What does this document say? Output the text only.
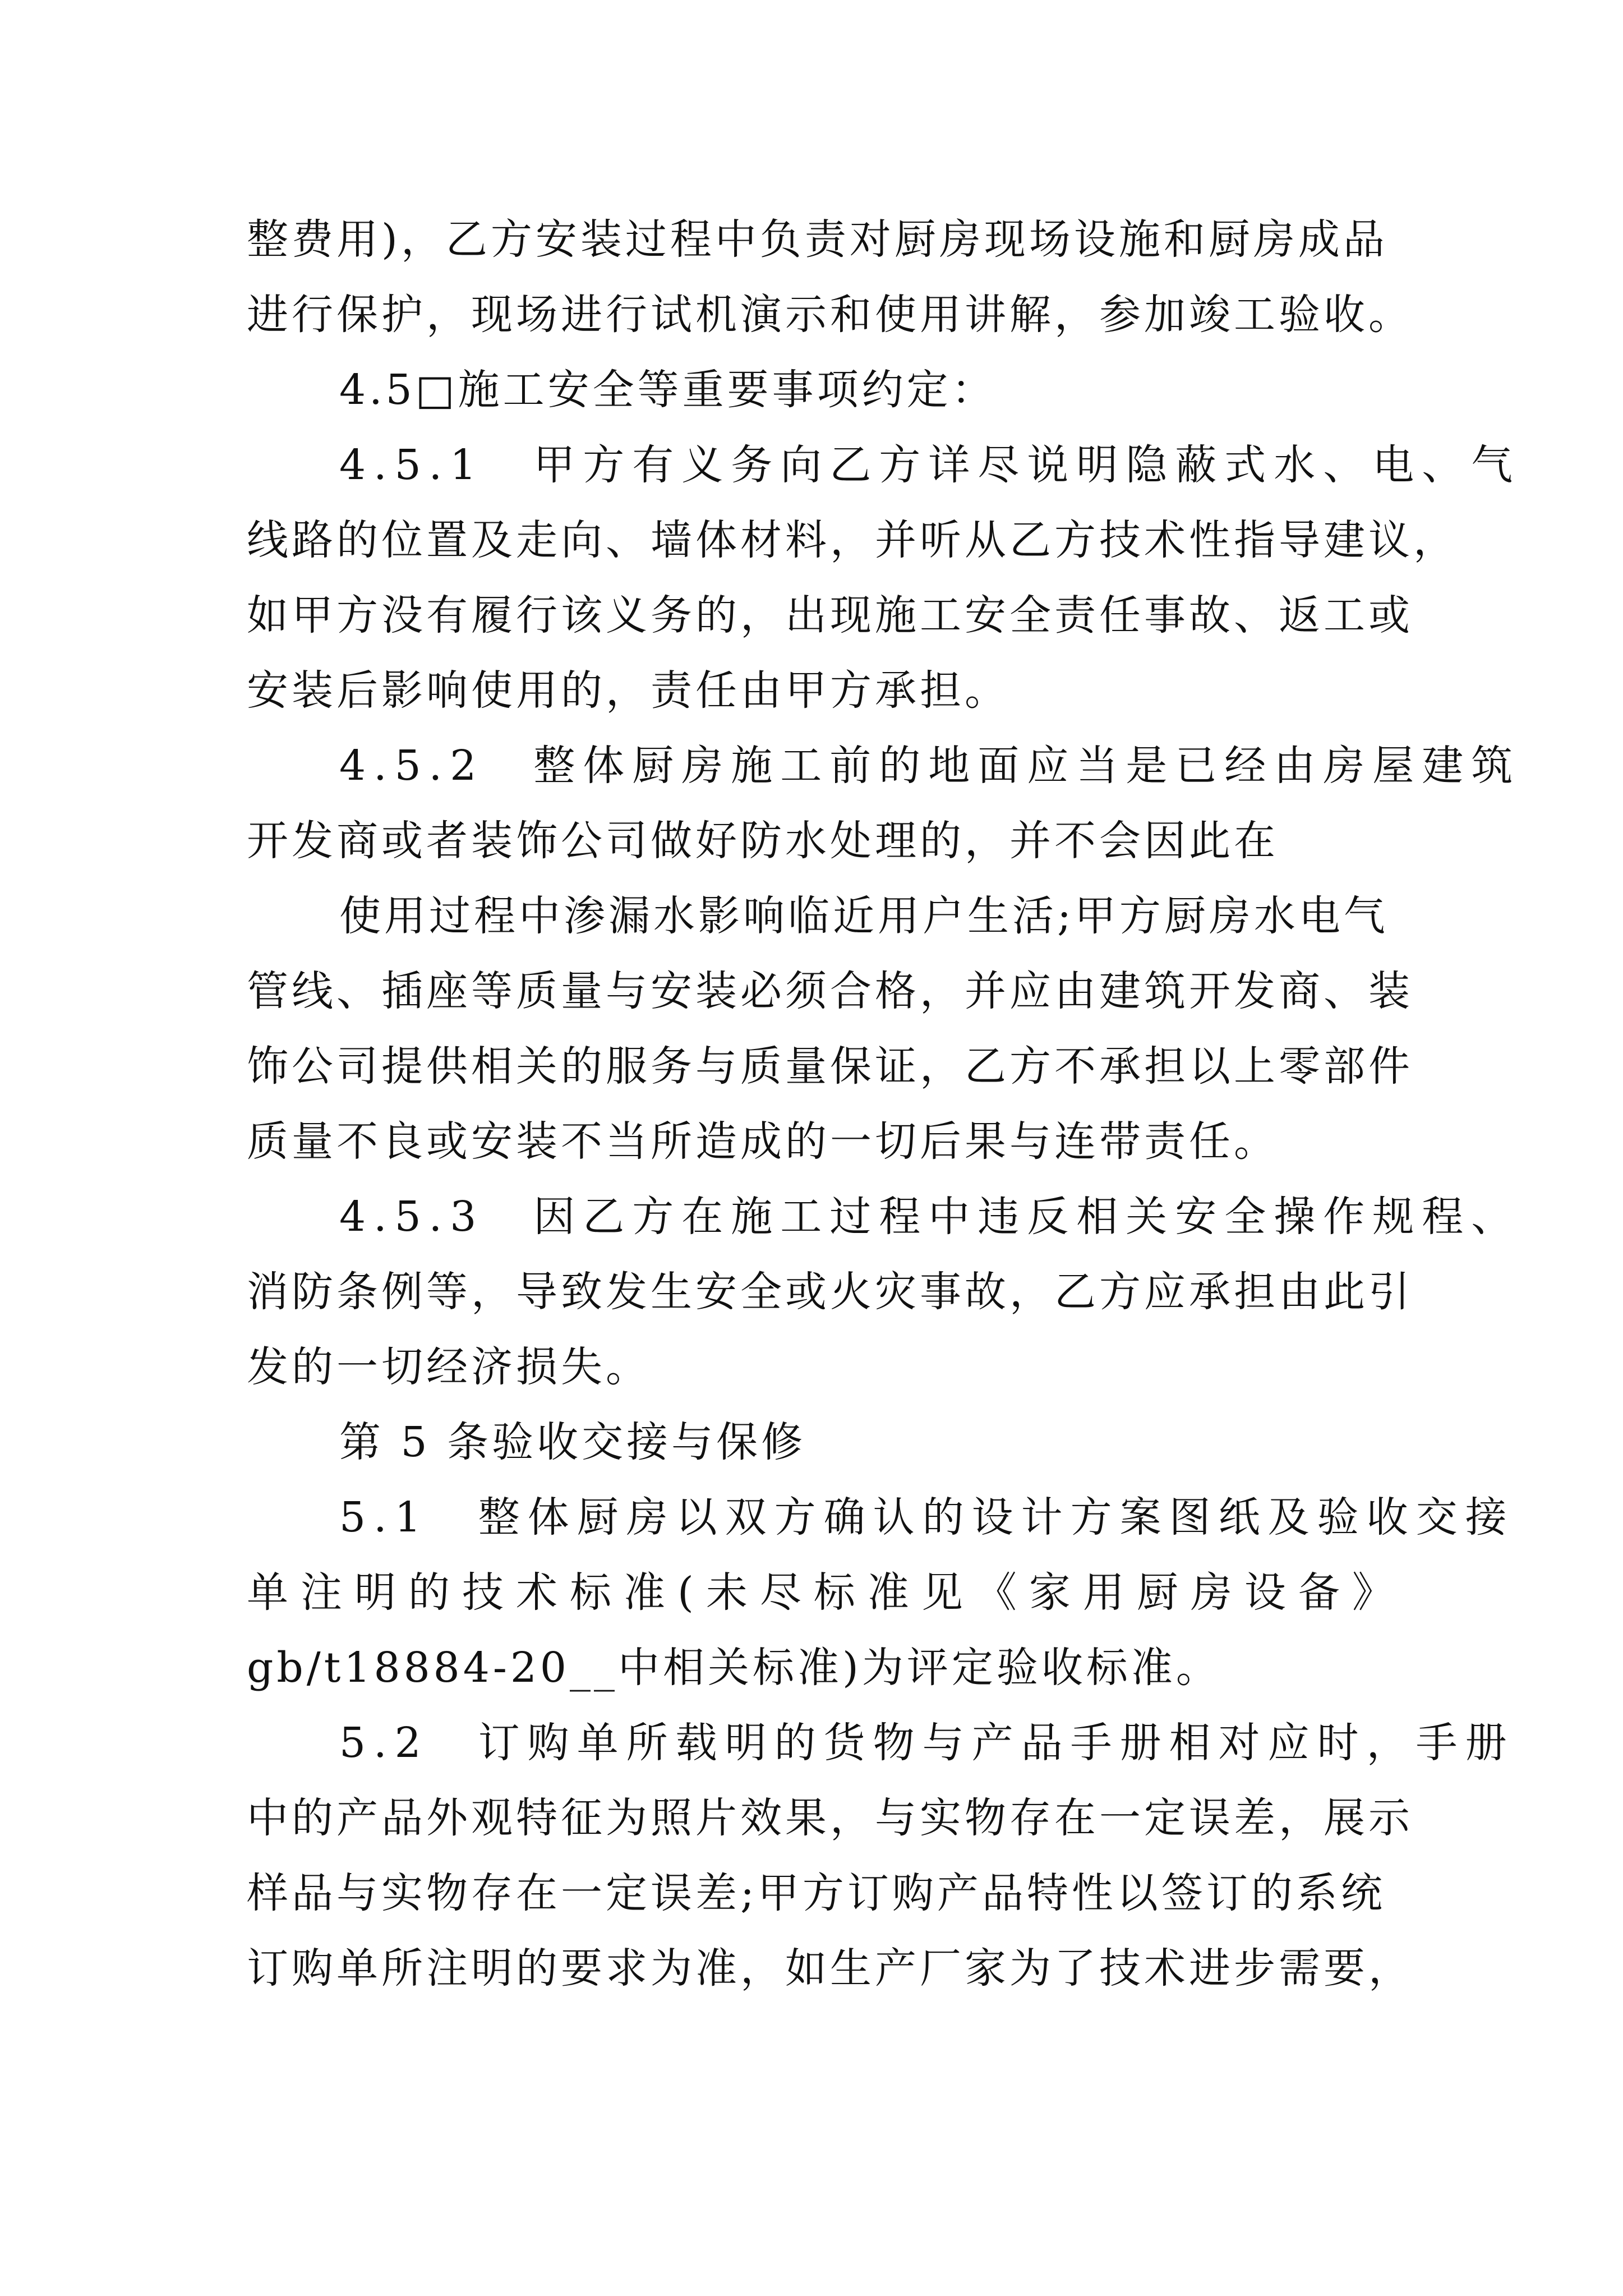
整费用)，乙方安装过程中负责对厨房现场设施和厨房成品
进行保护，现场进行试机演示和使用讲解，参加竣工验收。
4.5□施工安全等重要事项约定：
4.5.1　甲方有义务向乙方详尽说明隐蔽式水、电、气
线路的位置及走向、墙体材料，并听从乙方技术性指导建议，
如甲方没有履行该义务的，出现施工安全责任事故、返工或
安装后影响使用的，责任由甲方承担。
4.5.2　整体厨房施工前的地面应当是已经由房屋建筑
开发商或者装饰公司做好防水处理的，并不会因此在
使用过程中渗漏水影响临近用户生活;甲方厨房水电气
管线、插座等质量与安装必须合格，并应由建筑开发商、装
饰公司提供相关的服务与质量保证，乙方不承担以上零部件
质量不良或安装不当所造成的一切后果与连带责任。
4.5.3　因乙方在施工过程中违反相关安全操作规程、
消防条例等，导致发生安全或火灾事故，乙方应承担由此引
发的一切经济损失。
第 5 条验收交接与保修
5.1　整体厨房以双方确认的设计方案图纸及验收交接
单注明的技术标准(未尽标准见《家用厨房设备》
gb/t18884-20__中相关标准)为评定验收标准。
5.2　订购单所载明的货物与产品手册相对应时，手册
中的产品外观特征为照片效果，与实物存在一定误差，展示
样品与实物存在一定误差;甲方订购产品特性以签订的系统
订购单所注明的要求为准，如生产厂家为了技术进步需要，
